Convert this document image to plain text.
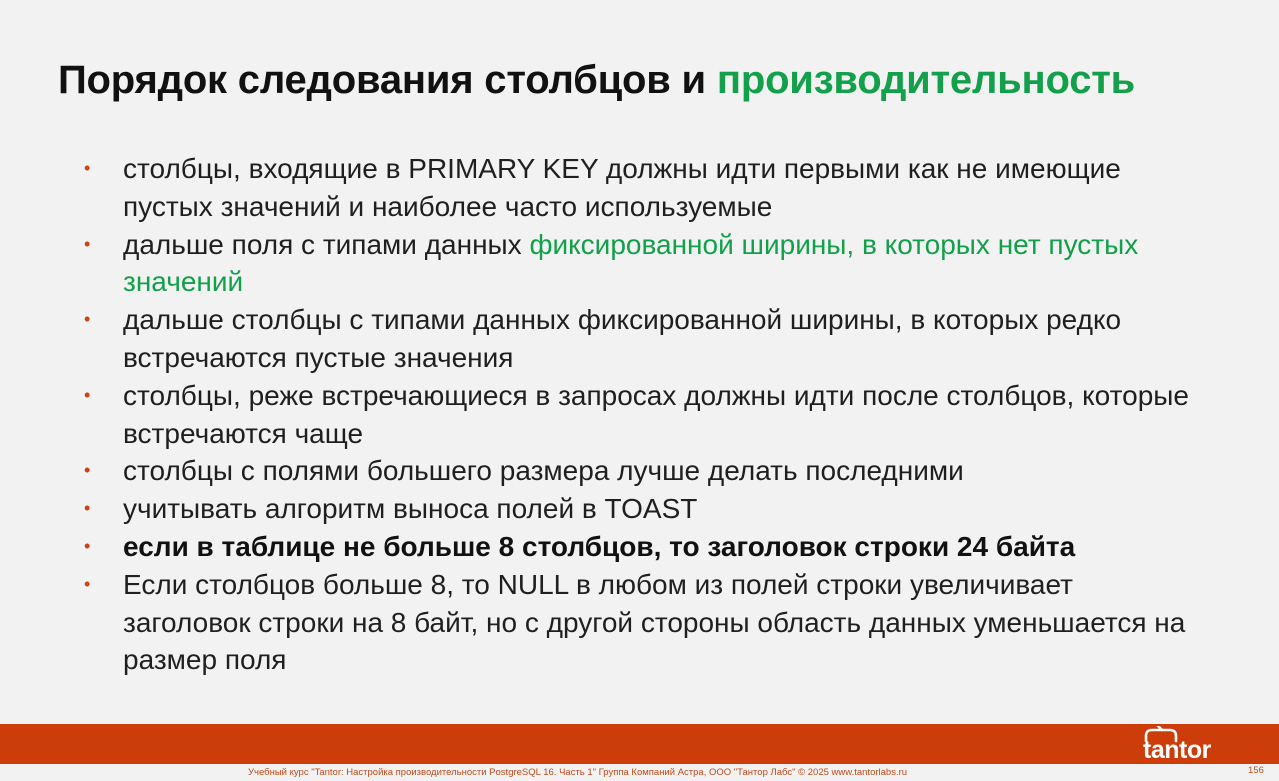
Порядок следования столбцов и производительность
• столбцы, входящие в PRIMARY KEY должны идти первыми как не имеющие пустых значений и наиболее часто используемые
• дальше поля с типами данных фиксированной ширины, в которых нет пустых значений
• дальше столбцы с типами данных фиксированной ширины, в которых редко встречаются пустые значения
• столбцы, реже встречающиеся в запросах должны идти после столбцов, которые встречаются чаще
• столбцы с полями большего размера лучше делать последними
• учитывать алгоритм выноса полей в TOAST
• если в таблице не больше 8 столбцов, то заголовок строки 24 байта
• Если столбцов больше 8, то NULL в любом из полей строки увеличивает заголовок строки на 8 байт, но с другой стороны область данных уменьшается на размер поля
tantor
Учебный курс "Tantor: Настройка производительности PostgreSQL 16. Часть 1" Группа Компаний Астра, ООО "Тантор Лабс" © 2025 www.tantorlabs.ru	156
